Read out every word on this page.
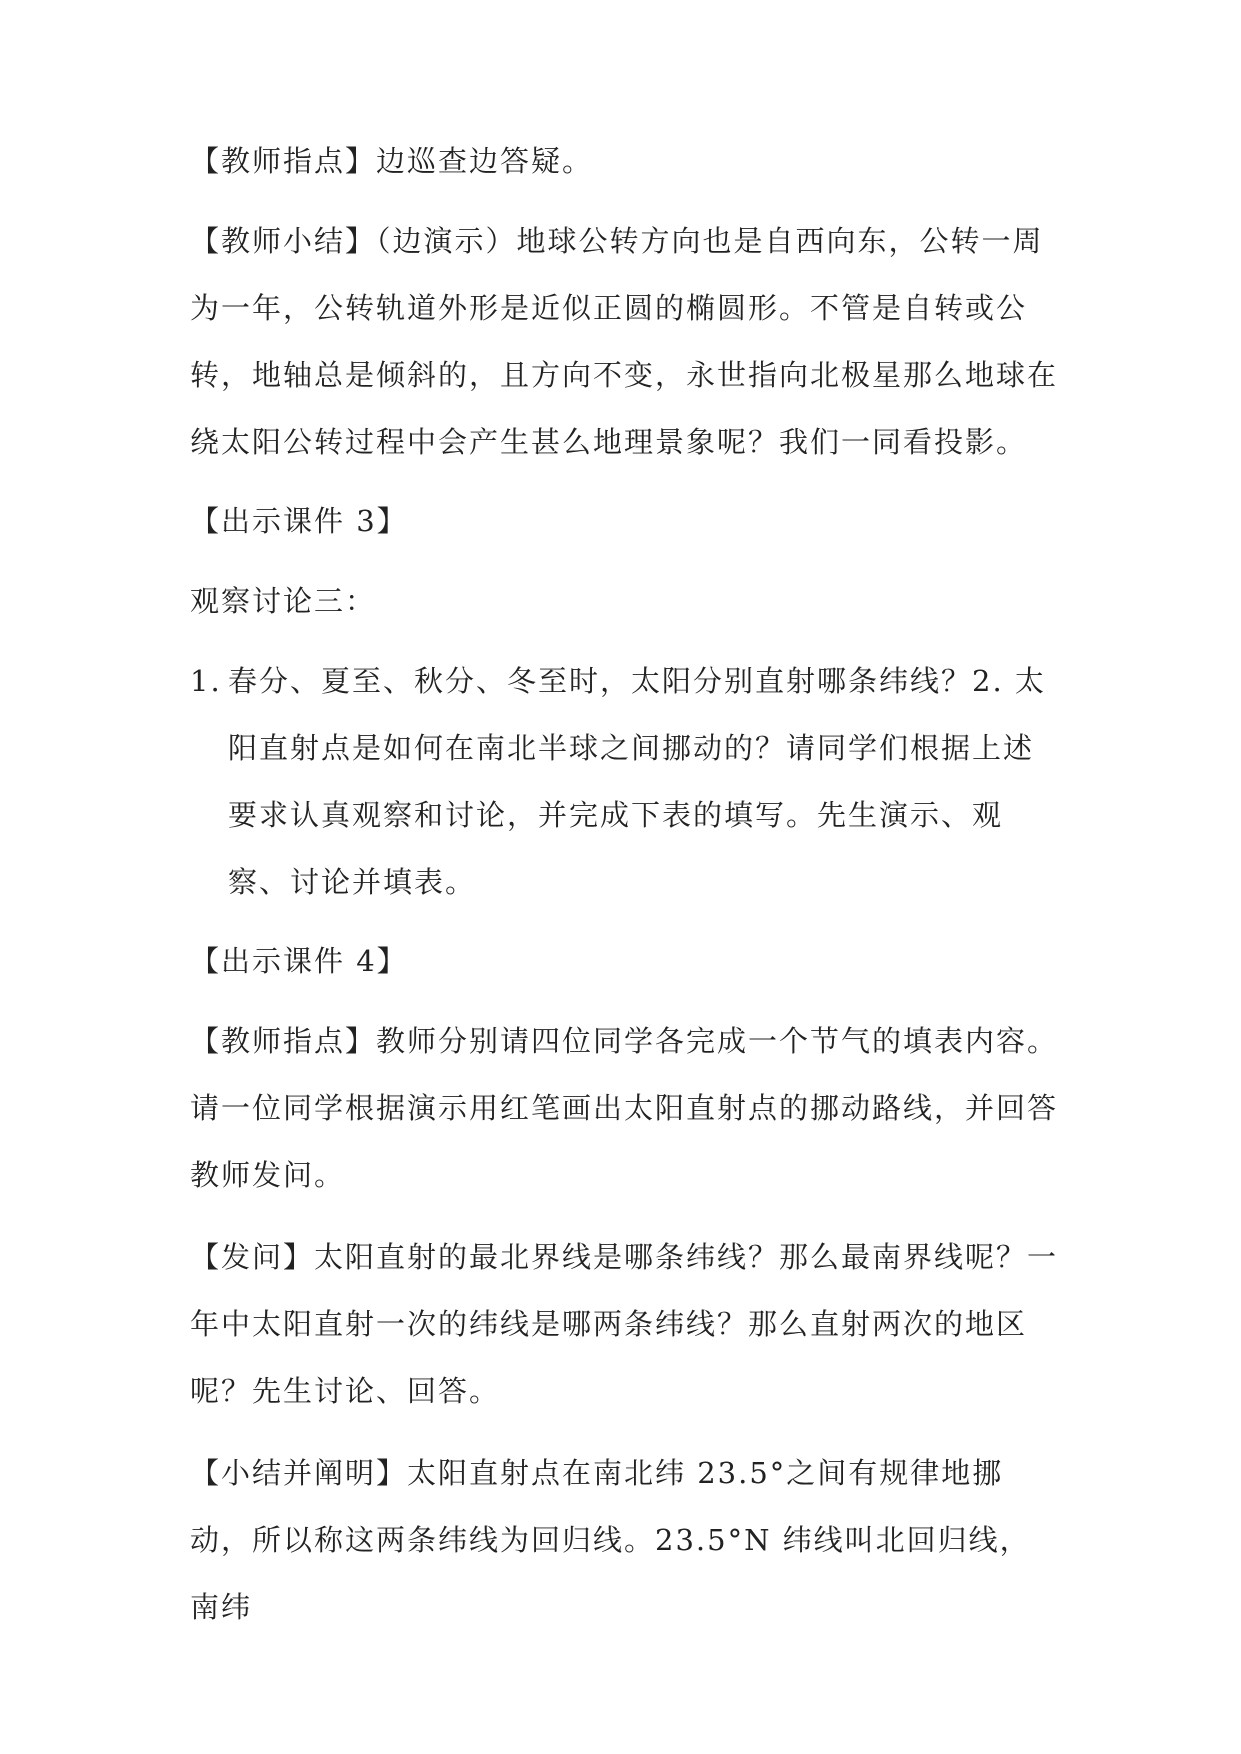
【教师指点】边巡查边答疑。

【教师小结】（边演示）地球公转方向也是自西向东，公转一周为一年，公转轨道外形是近似正圆的椭圆形。不管是自转或公转，地轴总是倾斜的，且方向不变，永世指向北极星那么地球在绕太阳公转过程中会产生甚么地理景象呢？我们一同看投影。

【出示课件 3】

观察讨论三：

1. 春分、夏至、秋分、冬至时，太阳分别直射哪条纬线？2. 太阳直射点是如何在南北半球之间挪动的？请同学们根据上述要求认真观察和讨论，并完成下表的填写。先生演示、观察、讨论并填表。

【出示课件 4】

【教师指点】教师分别请四位同学各完成一个节气的填表内容。请一位同学根据演示用红笔画出太阳直射点的挪动路线，并回答教师发问。

【发问】太阳直射的最北界线是哪条纬线？那么最南界线呢？一年中太阳直射一次的纬线是哪两条纬线？那么直射两次的地区呢？先生讨论、回答。

【小结并阐明】太阳直射点在南北纬 23.5°之间有规律地挪动，所以称这两条纬线为回归线。23.5°N 纬线叫北回归线，南纬
